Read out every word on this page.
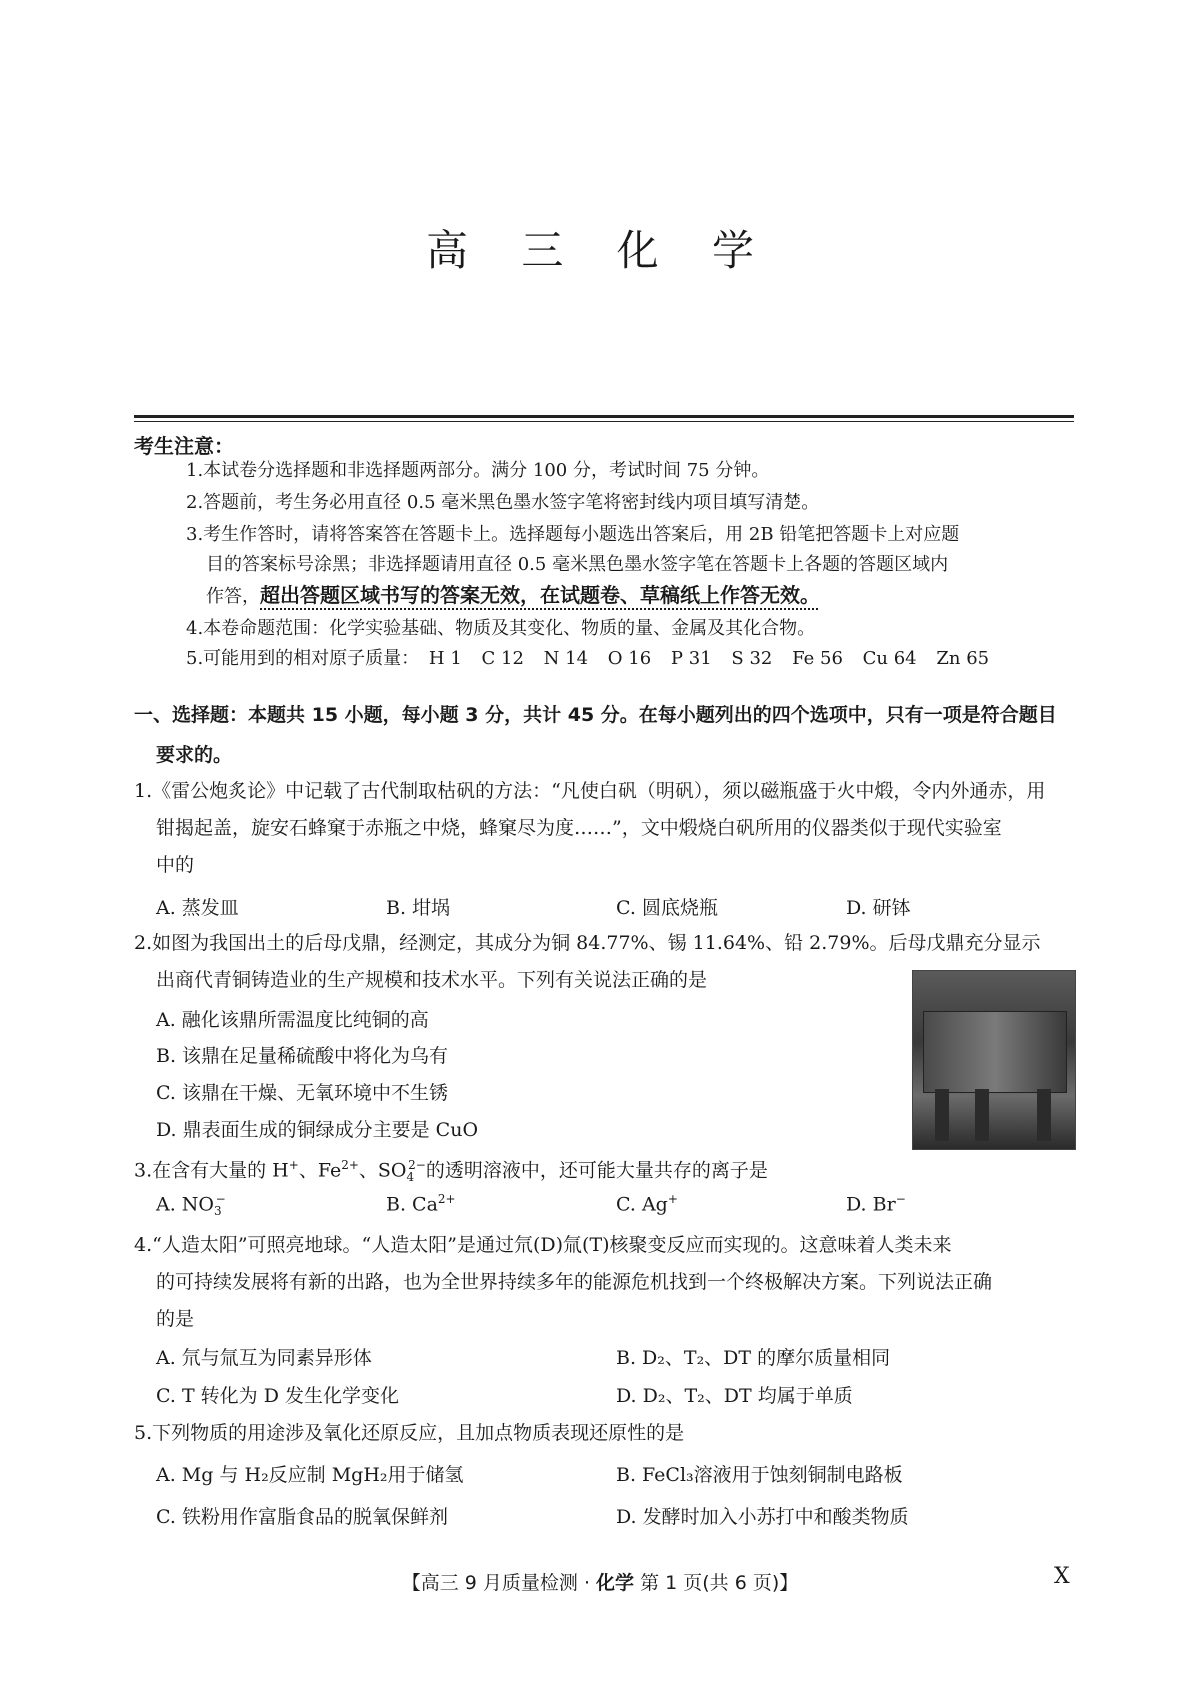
高 三 化 学
考生注意：
1.本试卷分选择题和非选择题两部分。满分 100 分，考试时间 75 分钟。
2.答题前，考生务必用直径 0.5 毫米黑色墨水签字笔将密封线内项目填写清楚。
3.考生作答时，请将答案答在答题卡上。选择题每小题选出答案后，用 2B 铅笔把答题卡上对应题
目的答案标号涂黑；非选择题请用直径 0.5 毫米黑色墨水签字笔在答题卡上各题的答题区域内
作答，超出答题区域书写的答案无效，在试题卷、草稿纸上作答无效。
4.本卷命题范围：化学实验基础、物质及其变化、物质的量、金属及其化合物。
5.可能用到的相对原子质量： H 1 C 12 N 14 O 16 P 31 S 32 Fe 56 Cu 64 Zn 65
一、选择题：本题共 15 小题，每小题 3 分，共计 45 分。在每小题列出的四个选项中，只有一项是符合题目
要求的。
1.《雷公炮炙论》中记载了古代制取枯矾的方法：“凡使白矾（明矾），须以磁瓶盛于火中煅，令内外通赤，用
钳揭起盖，旋安石蜂窠于赤瓶之中烧，蜂窠尽为度……”，文中煅烧白矾所用的仪器类似于现代实验室
中的
A. 蒸发皿	B. 坩埚	C. 圆底烧瓶	D. 研钵
2.如图为我国出土的后母戊鼎，经测定，其成分为铜 84.77%、锡 11.64%、铅 2.79%。后母戊鼎充分显示
出商代青铜铸造业的生产规模和技术水平。下列有关说法正确的是
A. 融化该鼎所需温度比纯铜的高
B. 该鼎在足量稀硫酸中将化为乌有
C. 该鼎在干燥、无氧环境中不生锈
D. 鼎表面生成的铜绿成分主要是 CuO
3.在含有大量的 H+、$Fe^{2+}$、$SO_4^{2-}$的透明溶液中，还可能大量共存的离子是
A. $NO_3^-$	B. $Ca^{2+}$	C. Ag+	D. Br−
4.“人造太阳”可照亮地球。“人造太阳”是通过氘(D)氚(T)核聚变反应而实现的。这意味着人类未来
的可持续发展将有新的出路，也为全世界持续多年的能源危机找到一个终极解决方案。下列说法正确
的是
A. 氘与氚互为同素异形体	B. D₂、T₂、DT 的摩尔质量相同
C. T 转化为 D 发生化学变化	D. D₂、T₂、DT 均属于单质
5.下列物质的用途涉及氧化还原反应，且加点物质表现还原性的是
A. Mg 与 H₂反应制 MgH₂用于储氢	B. FeCl₃溶液用于蚀刻铜制电路板
C. 铁粉用作富脂食品的脱氧保鲜剂	D. 发酵时加入小苏打中和酸类物质
【高三 9 月质量检测 · 化学 第 1 页(共 6 页)】	X
